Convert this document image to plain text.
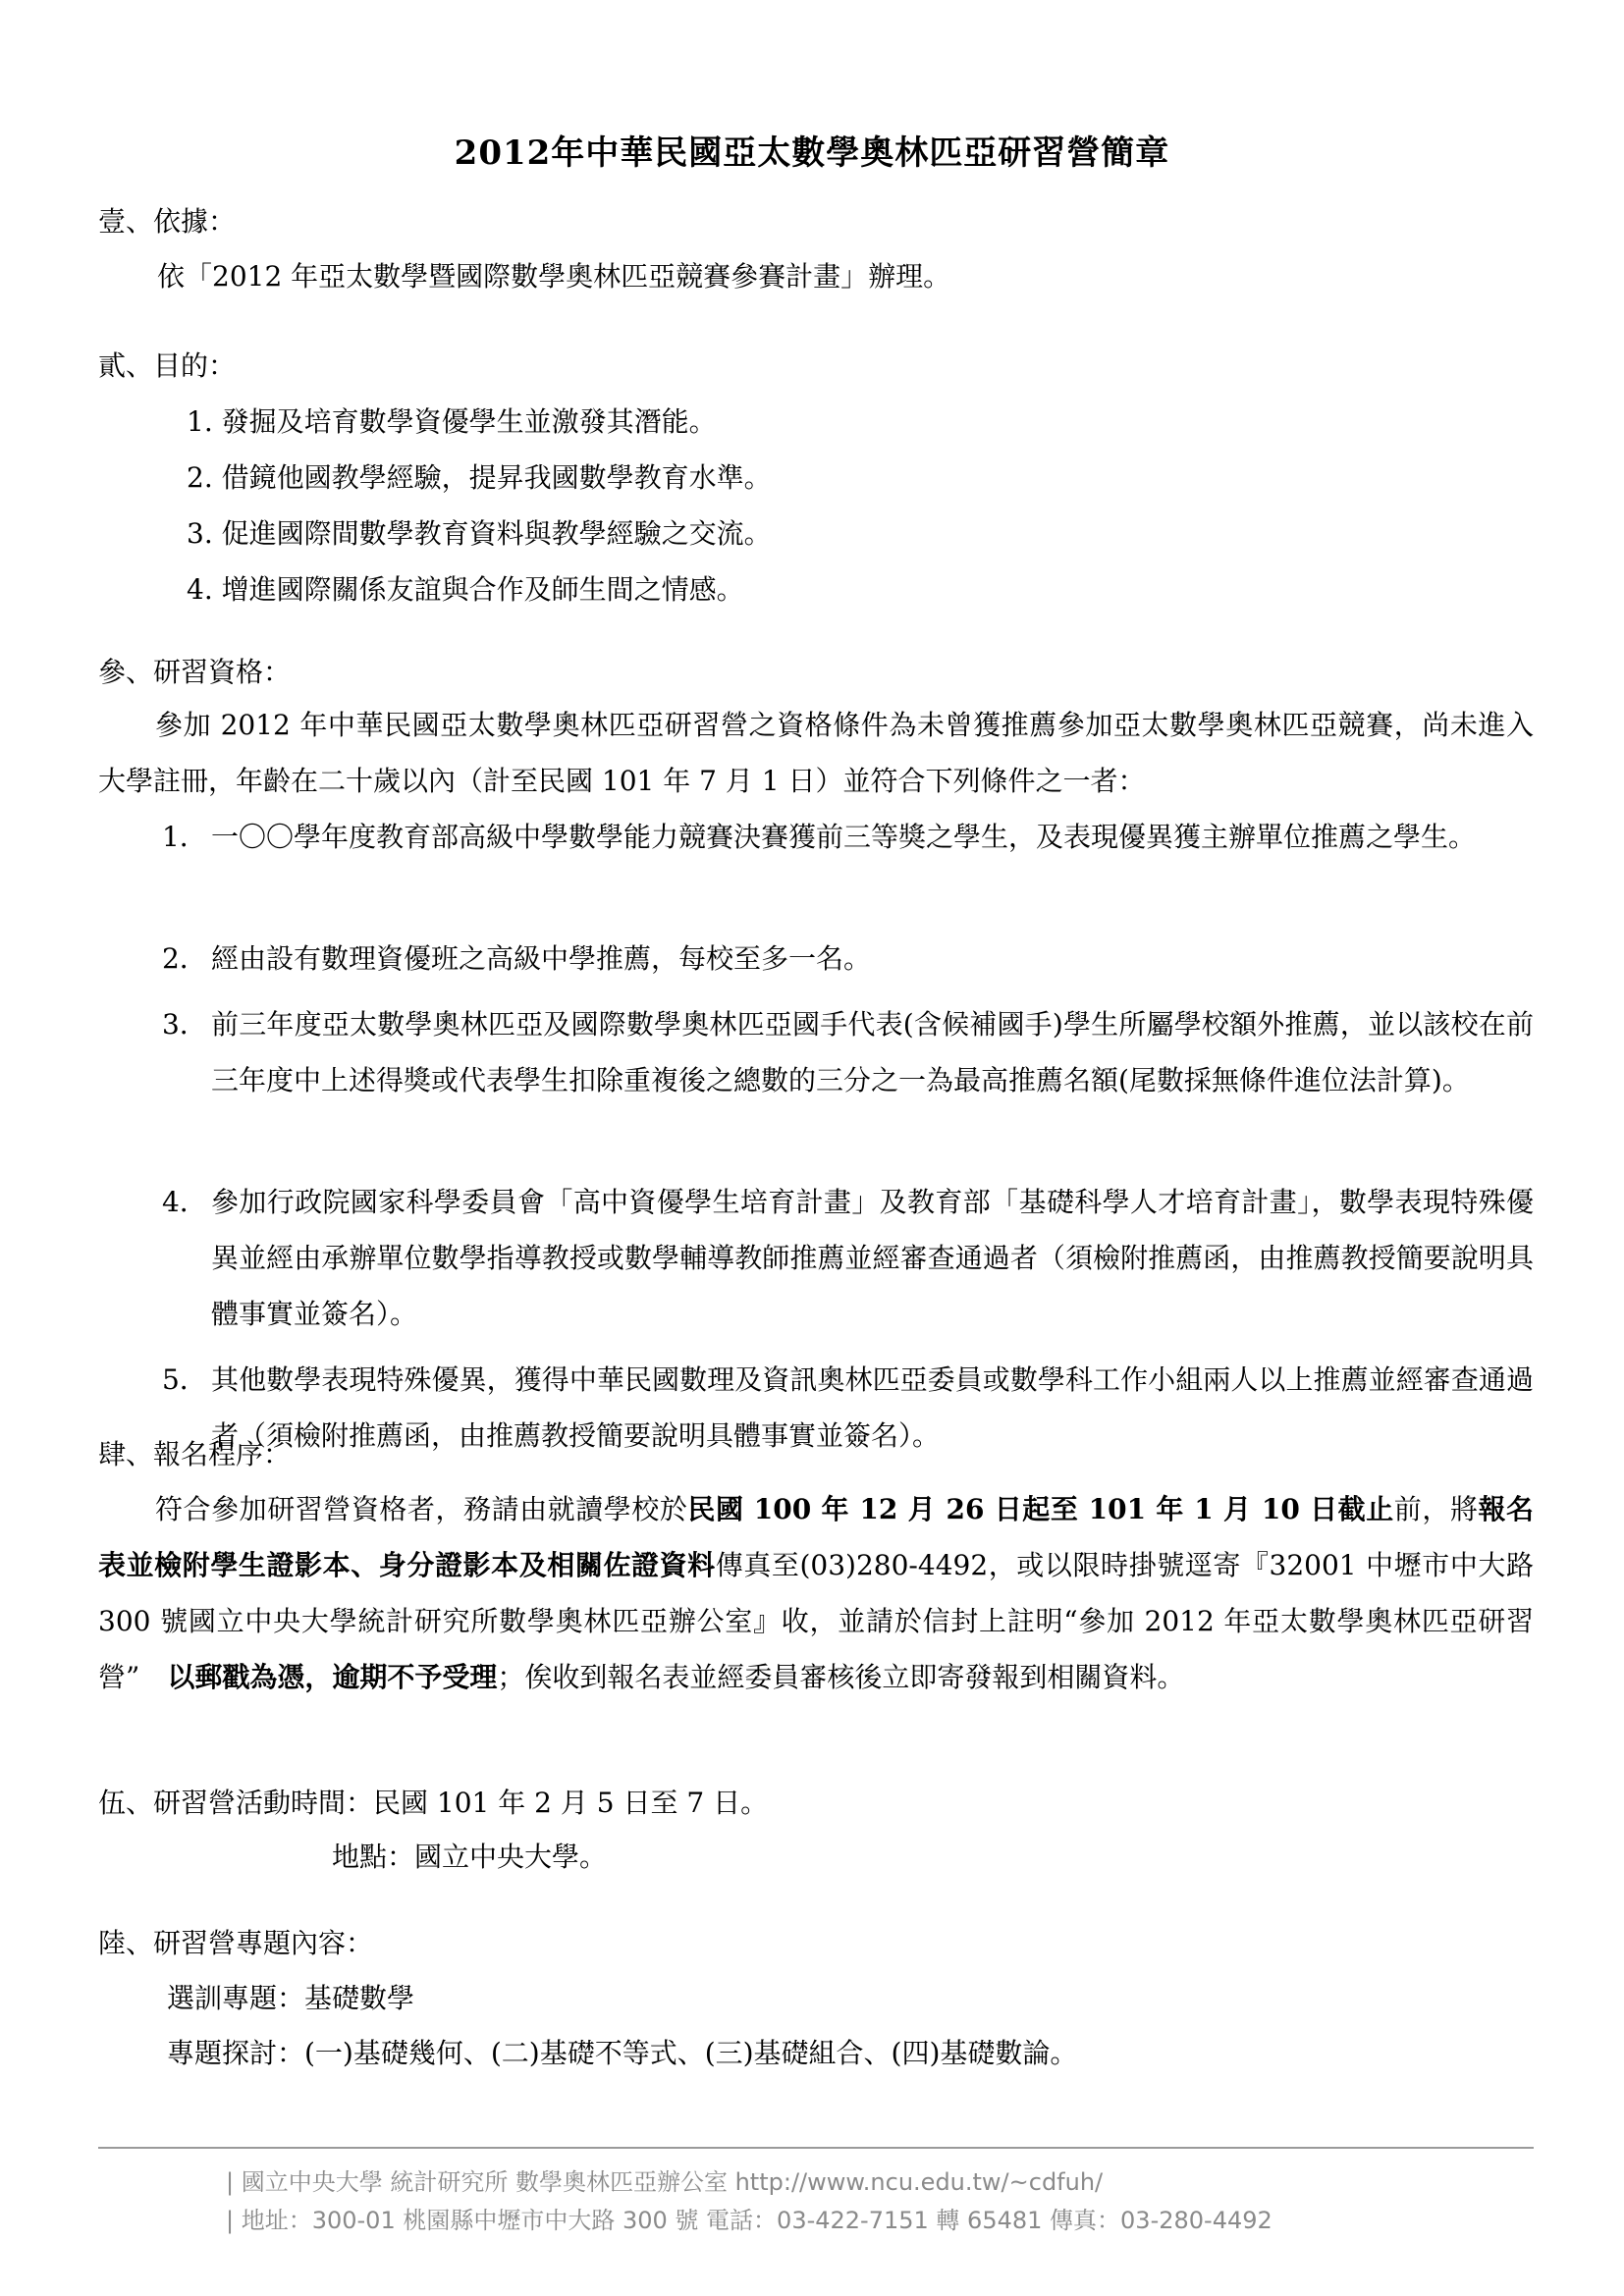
2012年中華民國亞太數學奧林匹亞研習營簡章
壹、依據：
依「2012 年亞太數學暨國際數學奧林匹亞競賽參賽計畫」辦理。
貳、目的：
1. 發掘及培育數學資優學生並激發其潛能。
2. 借鏡他國教學經驗，提昇我國數學教育水準。
3. 促進國際間數學教育資料與教學經驗之交流。
4. 增進國際關係友誼與合作及師生間之情感。
參、研習資格：
參加 2012 年中華民國亞太數學奧林匹亞研習營之資格條件為未曾獲推薦參加亞太數學奧林匹亞競賽，尚未進入大學註冊，年齡在二十歲以內（計至民國 101 年 7 月 1 日）並符合下列條件之一者：
1． 一〇〇學年度教育部高級中學數學能力競賽決賽獲前三等獎之學生，及表現優異獲主辦單位推薦之學生。
2． 經由設有數理資優班之高級中學推薦，每校至多一名。
3． 前三年度亞太數學奧林匹亞及國際數學奧林匹亞國手代表(含候補國手)學生所屬學校額外推薦，並以該校在前三年度中上述得獎或代表學生扣除重複後之總數的三分之一為最高推薦名額(尾數採無條件進位法計算)。
4． 參加行政院國家科學委員會「高中資優學生培育計畫」及教育部「基礎科學人才培育計畫」，數學表現特殊優異並經由承辦單位數學指導教授或數學輔導教師推薦並經審查通過者（須檢附推薦函，由推薦教授簡要說明具體事實並簽名）。
5． 其他數學表現特殊優異，獲得中華民國數理及資訊奧林匹亞委員或數學科工作小組兩人以上推薦並經審查通過者（須檢附推薦函，由推薦教授簡要說明具體事實並簽名）。
肆、報名程序：
符合參加研習營資格者，務請由就讀學校於民國 100 年 12 月 26 日起至 101 年 1 月 10 日截止前，將報名表並檢附學生證影本、身分證影本及相關佐證資料傳真至(03)280-4492，或以限時掛號逕寄『32001 中壢市中大路 300 號國立中央大學統計研究所數學奧林匹亞辦公室』收，並請於信封上註明“參加 2012 年亞太數學奧林匹亞研習營”　 以郵戳為憑，逾期不予受理；俟收到報名表並經委員審核後立即寄發報到相關資料。
伍、研習營活動時間：民國 101 年 2 月 5 日至 7 日。
地點：國立中央大學。
陸、研習營專題內容：
選訓專題：基礎數學
專題探討：(一)基礎幾何、(二)基礎不等式、(三)基礎組合、(四)基礎數論。
| 國立中央大學 統計研究所 數學奧林匹亞辦公室 http://www.ncu.edu.tw/~cdfuh/
| 地址：300-01 桃園縣中壢市中大路 300 號 電話：03-422-7151 轉 65481 傳真：03-280-4492
